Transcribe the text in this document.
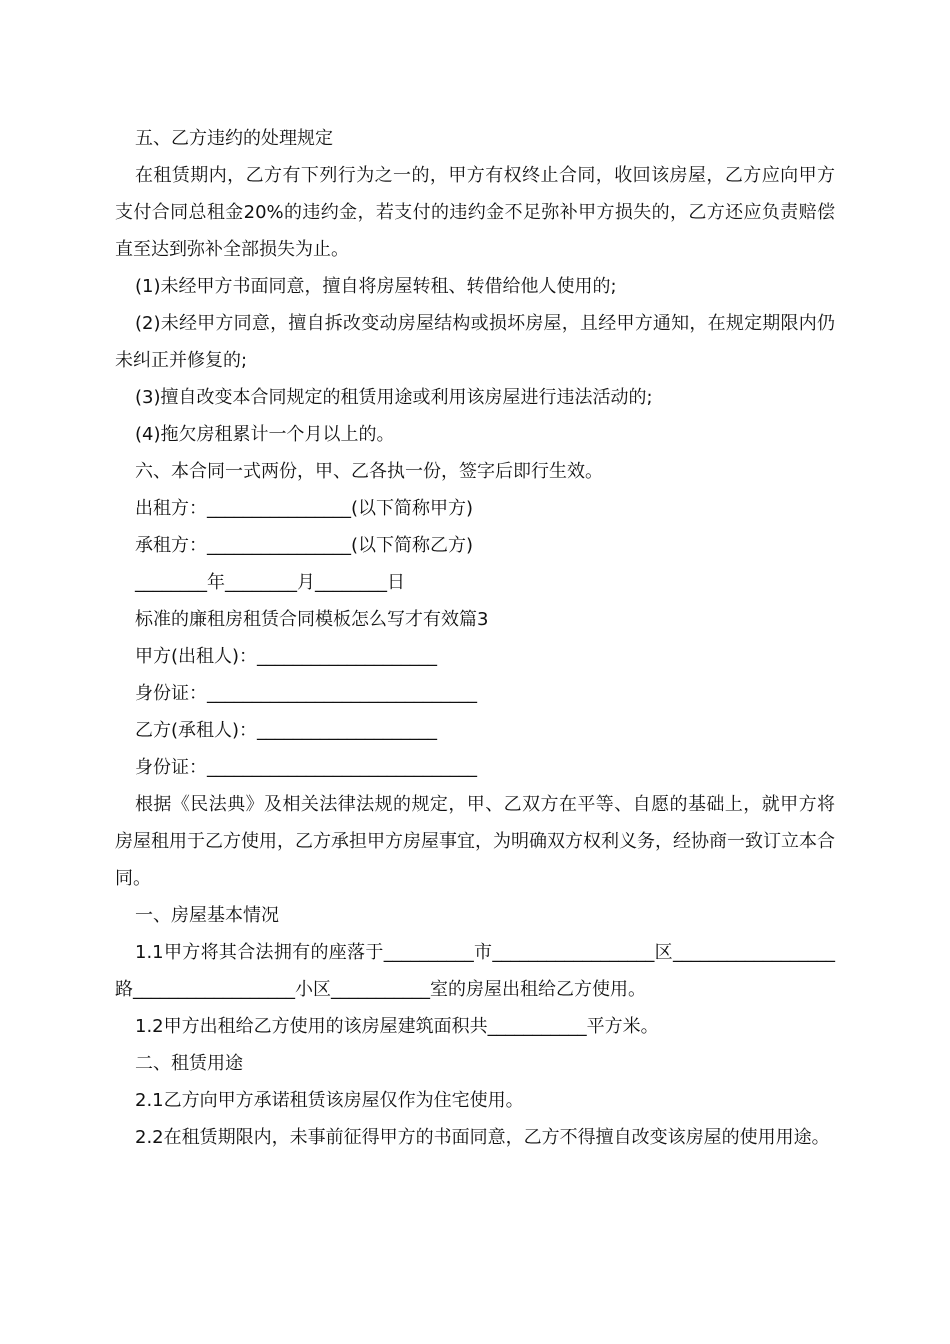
五、乙方违约的处理规定

在租赁期内，乙方有下列行为之一的，甲方有权终止合同，收回该房屋，乙方应向甲方支付合同总租金20%的违约金，若支付的违约金不足弥补甲方损失的，乙方还应负责赔偿直至达到弥补全部损失为止。

(1)未经甲方书面同意，擅自将房屋转租、转借给他人使用的;

(2)未经甲方同意，擅自拆改变动房屋结构或损坏房屋，且经甲方通知，在规定期限内仍未纠正并修复的;

(3)擅自改变本合同规定的租赁用途或利用该房屋进行违法活动的;

(4)拖欠房租累计一个月以上的。

六、本合同一式两份，甲、乙各执一份，签字后即行生效。

出租方：________________(以下简称甲方)

承租方：________________(以下简称乙方)

________年________月________日

标准的廉租房租赁合同模板怎么写才有效篇3

甲方(出租人)：____________________

身份证：______________________________

乙方(承租人)：____________________

身份证：______________________________

根据《民法典》及相关法律法规的规定，甲、乙双方在平等、自愿的基础上，就甲方将房屋租用于乙方使用，乙方承担甲方房屋事宜，为明确双方权利义务，经协商一致订立本合同。

一、房屋基本情况

1.1甲方将其合法拥有的座落于__________市__________________区__________________路__________________小区___________室的房屋出租给乙方使用。

1.2甲方出租给乙方使用的该房屋建筑面积共___________平方米。

二、租赁用途

2.1乙方向甲方承诺租赁该房屋仅作为住宅使用。

2.2在租赁期限内，未事前征得甲方的书面同意，乙方不得擅自改变该房屋的使用用途。
